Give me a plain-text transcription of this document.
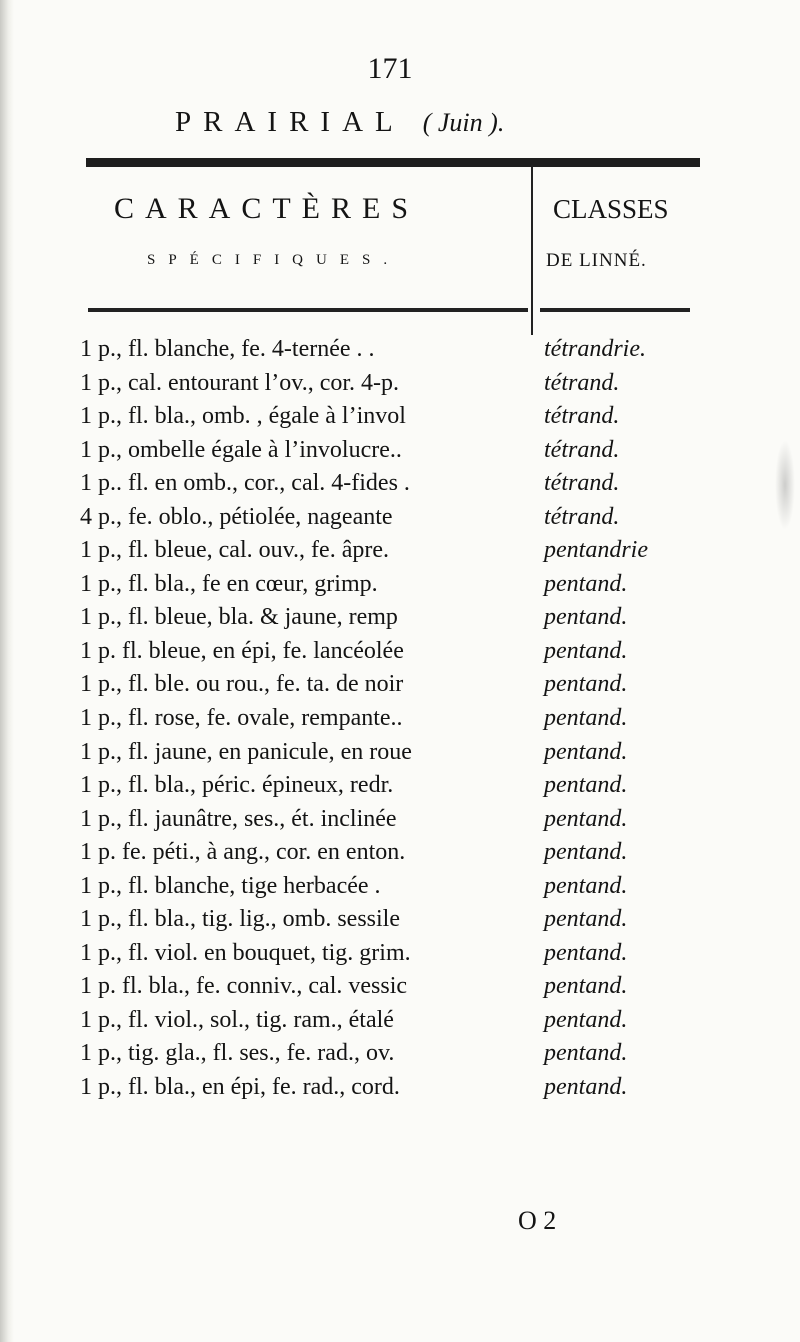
171
PRAIRIAL ( Juin ).
CARACTÈRES
SPÉCIFIQUES.
CLASSES
DE LINNÉ.
1 p., fl. blanche, fe. 4-ternée . .	tétrandrie.
1 p., cal. entourant l’ov., cor. 4-p.	tétrand.
1 p., fl. bla., omb. , égale à l’invol	tétrand.
1 p., ombelle égale à l’involucre..	tétrand.
1 p.. fl. en omb., cor., cal. 4-fides .	tétrand.
4 p., fe. oblo., pétiolée, nageante	tétrand.
1 p., fl. bleue, cal. ouv., fe. âpre.	pentandrie
1 p., fl. bla., fe en cœur, grimp.	pentand.
1 p., fl. bleue, bla. & jaune, remp	pentand.
1 p. fl. bleue, en épi, fe. lancéolée	pentand.
1 p., fl. ble. ou rou., fe. ta. de noir	pentand.
1 p., fl. rose, fe. ovale, rempante..	pentand.
1 p., fl. jaune, en panicule, en roue	pentand.
1 p., fl. bla., péric. épineux, redr.	pentand.
1 p., fl. jaunâtre, ses., ét. inclinée	pentand.
1 p. fe. péti., à ang., cor. en enton.	pentand.
1 p., fl. blanche, tige herbacée .	pentand.
1 p., fl. bla., tig. lig., omb. sessile	pentand.
1 p., fl. viol. en bouquet, tig. grim.	pentand.
1 p. fl. bla., fe. conniv., cal. vessic	pentand.
1 p., fl. viol., sol., tig. ram., étalé	pentand.
1 p., tig. gla., fl. ses., fe. rad., ov.	pentand.
1 p., fl. bla., en épi, fe. rad., cord.	pentand.
O 2
